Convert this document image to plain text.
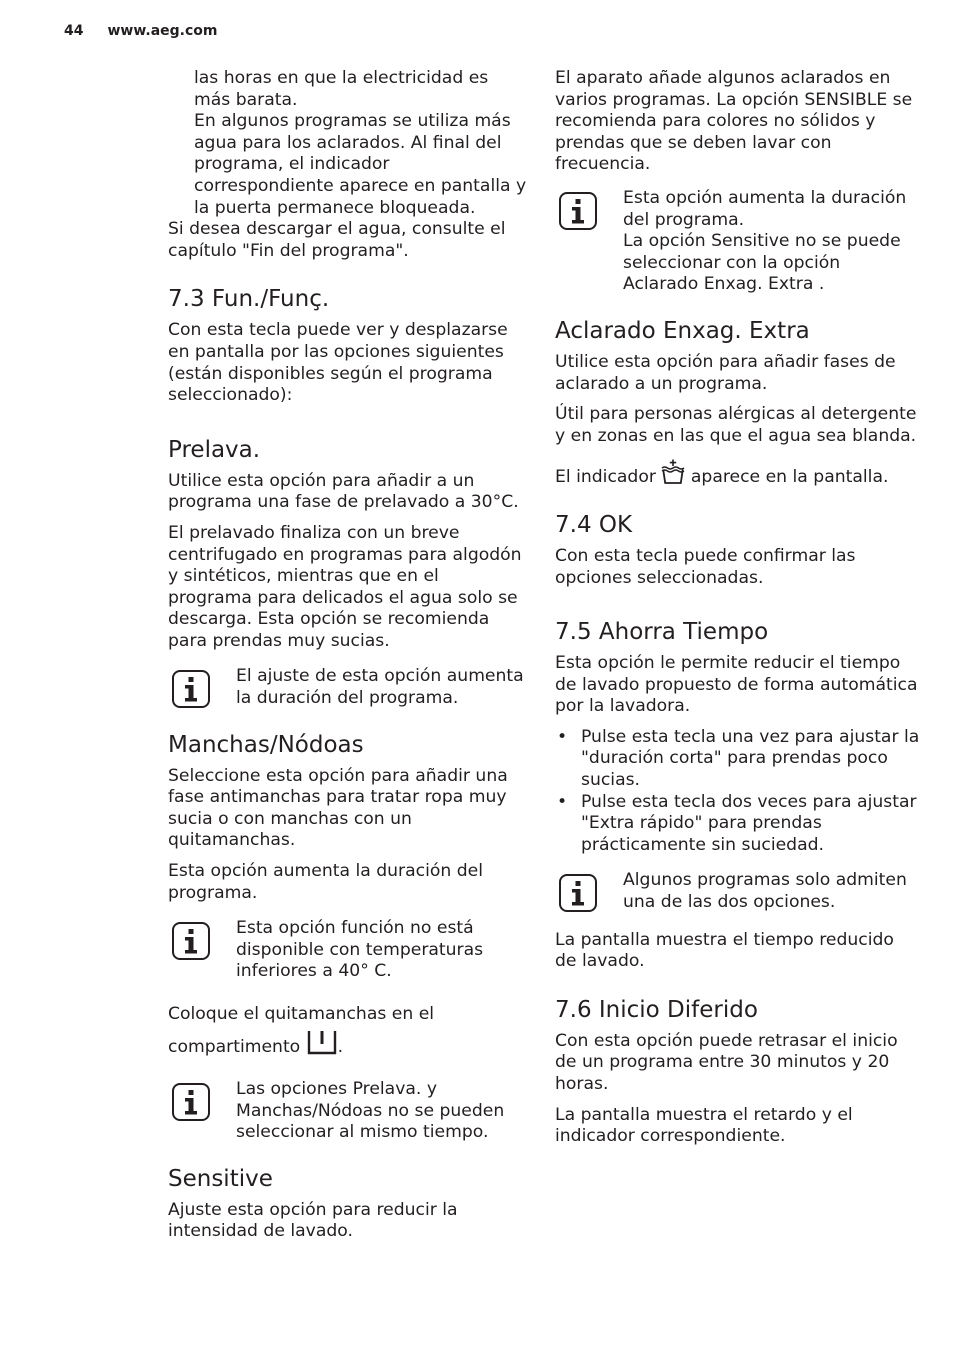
44 www.aeg.com

las horas en que la electricidad es más barata.
En algunos programas se utiliza más agua para los aclarados. Al final del programa, el indicador correspondiente aparece en pantalla y la puerta permanece bloqueada.

Si desea descargar el agua, consulte el capítulo "Fin del programa".

7.3 Fun./Funç.

Con esta tecla puede ver y desplazarse en pantalla por las opciones siguientes (están disponibles según el programa seleccionado):

Prelava.

Utilice esta opción para añadir a un programa una fase de prelavado a 30°C.

El prelavado finaliza con un breve centrifugado en programas para algodón y sintéticos, mientras que en el programa para delicados el agua solo se descarga. Esta opción se recomienda para prendas muy sucias.

El ajuste de esta opción aumenta la duración del programa.
Manchas/Nódoas

Seleccione esta opción para añadir una fase antimanchas para tratar ropa muy sucia o con manchas con un quitamanchas.

Esta opción aumenta la duración del programa.

Esta opción función no está disponible con temperaturas inferiores a 40° C.

Coloque el quitamanchas en el compartimento .

Las opciones Prelava. y Manchas/Nódoas no se pueden seleccionar al mismo tiempo.
Sensitive

Ajuste esta opción para reducir la intensidad de lavado.

El aparato añade algunos aclarados en varios programas. La opción SENSIBLE se recomienda para colores no sólidos y prendas que se deben lavar con frecuencia.

Esta opción aumenta la duración del programa.
La opción Sensitive no se puede seleccionar con la opción Aclarado Enxag. Extra .
Aclarado Enxag. Extra

Utilice esta opción para añadir fases de aclarado a un programa.

Útil para personas alérgicas al detergente y en zonas en las que el agua sea blanda.

El indicador aparece en la pantalla.

7.4 OK

Con esta tecla puede confirmar las opciones seleccionadas.

7.5 Ahorra Tiempo

Esta opción le permite reducir el tiempo de lavado propuesto de forma automática por la lavadora.

• Pulse esta tecla una vez para ajustar la "duración corta" para prendas poco sucias.
• Pulse esta tecla dos veces para ajustar "Extra rápido" para prendas prácticamente sin suciedad.
Algunos programas solo admiten una de las dos opciones.

La pantalla muestra el tiempo reducido de lavado.

7.6 Inicio Diferido

Con esta opción puede retrasar el inicio de un programa entre 30 minutos y 20 horas.

La pantalla muestra el retardo y el indicador correspondiente.
